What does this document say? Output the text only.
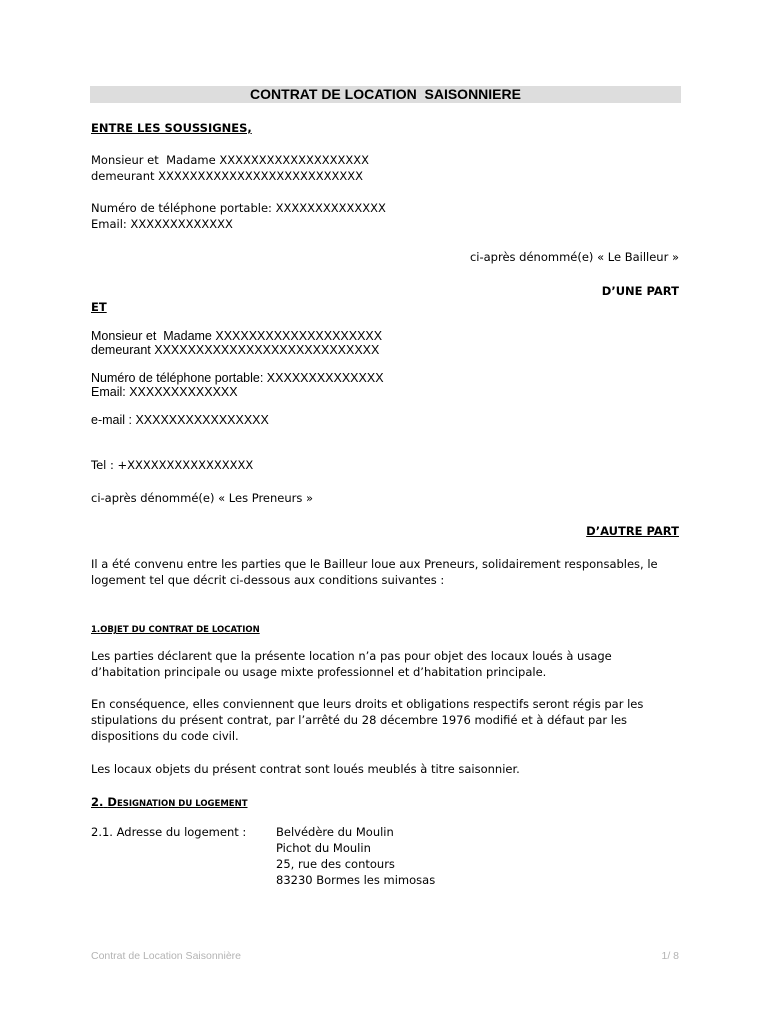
CONTRAT DE LOCATION  SAISONNIERE
ENTRE LES SOUSSIGNES,
Monsieur et  Madame XXXXXXXXXXXXXXXXXXX
demeurant XXXXXXXXXXXXXXXXXXXXXXXXXX
Numéro de téléphone portable: XXXXXXXXXXXXXX
Email: XXXXXXXXXXXXX
ci-après dénommé(e) « Le Bailleur »
D’UNE PART
ET
Monsieur et  Madame XXXXXXXXXXXXXXXXXXXX
demeurant XXXXXXXXXXXXXXXXXXXXXXXXXXX
Numéro de téléphone portable: XXXXXXXXXXXXXX
Email: XXXXXXXXXXXXX
e-mail : XXXXXXXXXXXXXXXX
Tel : +XXXXXXXXXXXXXXXX
ci-après dénommé(e) « Les Preneurs »
D’AUTRE PART
Il a été convenu entre les parties que le Bailleur loue aux Preneurs, solidairement responsables, le
logement tel que décrit ci-dessous aux conditions suivantes :
1.OBJET DU CONTRAT DE LOCATION
Les parties déclarent que la présente location n’a pas pour objet des locaux loués à usage
d’habitation principale ou usage mixte professionnel et d’habitation principale.
En conséquence, elles conviennent que leurs droits et obligations respectifs seront régis par les
stipulations du présent contrat, par l’arrêté du 28 décembre 1976 modifié et à défaut par les
dispositions du code civil.
Les locaux objets du présent contrat sont loués meublés à titre saisonnier.
2. DESIGNATION DU LOGEMENT
2.1. Adresse du logement :	Belvédère du Moulin
Pichot du Moulin
25, rue des contours
83230 Bormes les mimosas
Contrat de Location Saisonnière	1/ 8
